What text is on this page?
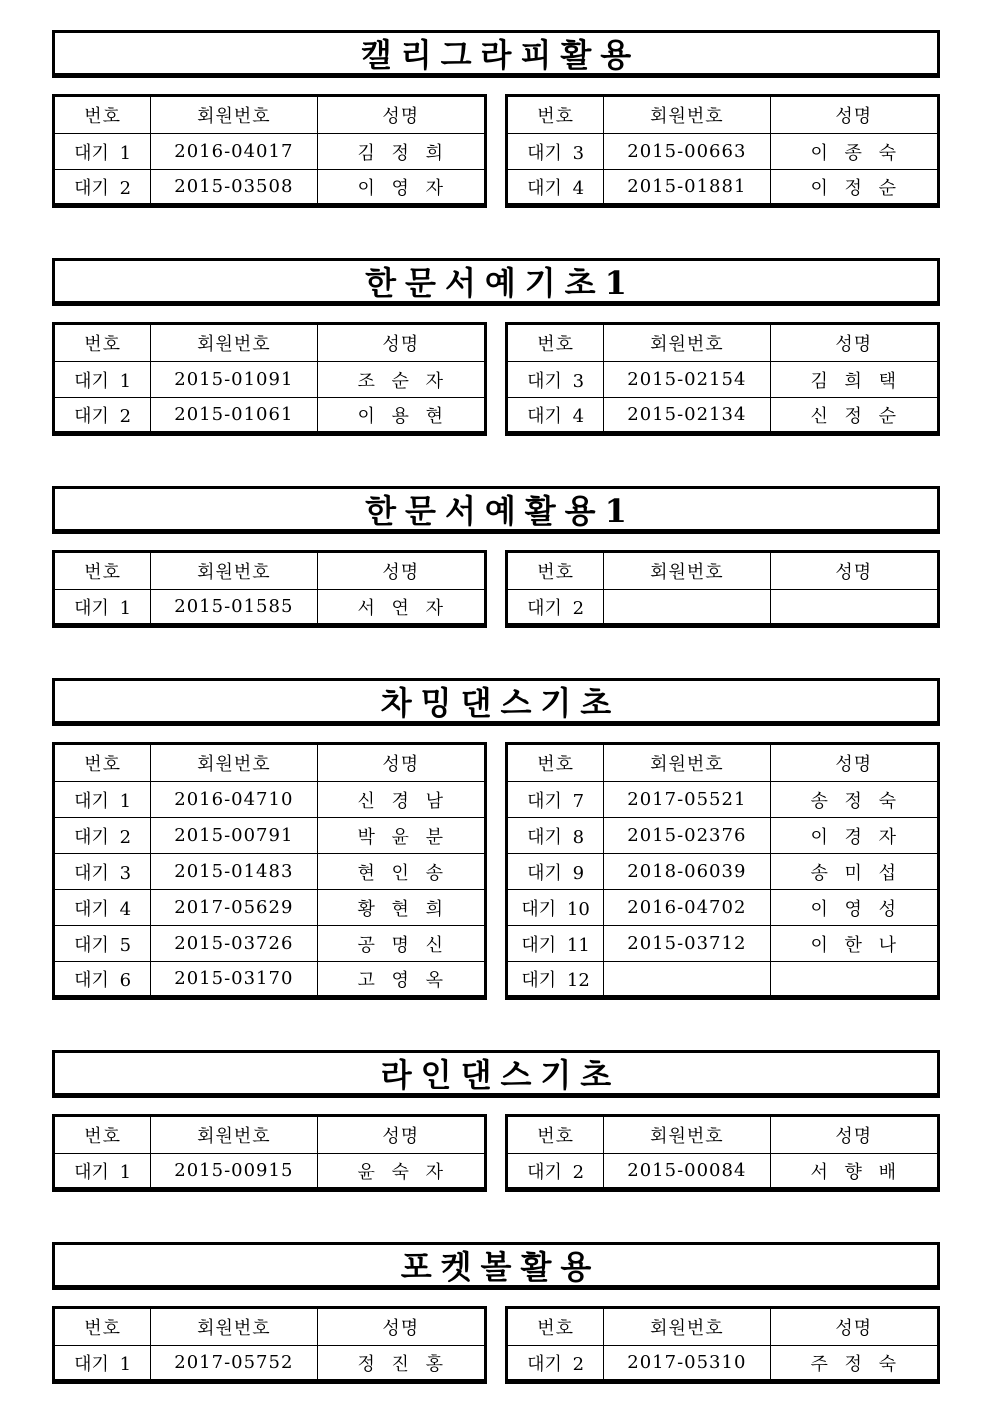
캘리그라피활용
번호	회원번호	성명
대기 1	2016-04017	김 정 희
대기 2	2015-03508	이 영 자
번호	회원번호	성명
대기 3	2015-00663	이 종 숙
대기 4	2015-01881	이 정 순
한문서예기초1
번호	회원번호	성명
대기 1	2015-01091	조 순 자
대기 2	2015-01061	이 용 현
번호	회원번호	성명
대기 3	2015-02154	김 희 택
대기 4	2015-02134	신 정 순
한문서예활용1
번호	회원번호	성명
대기 1	2015-01585	서 연 자
번호	회원번호	성명
대기 2		
차밍댄스기초
번호	회원번호	성명
대기 1	2016-04710	신 경 남
대기 2	2015-00791	박 윤 분
대기 3	2015-01483	현 인 송
대기 4	2017-05629	황 현 희
대기 5	2015-03726	공 명 신
대기 6	2015-03170	고 영 옥
번호	회원번호	성명
대기 7	2017-05521	송 정 숙
대기 8	2015-02376	이 경 자
대기 9	2018-06039	송 미 섭
대기 10	2016-04702	이 영 성
대기 11	2015-03712	이 한 나
대기 12		
라인댄스기초
번호	회원번호	성명
대기 1	2015-00915	윤 숙 자
번호	회원번호	성명
대기 2	2015-00084	서 향 배
포켓볼활용
번호	회원번호	성명
대기 1	2017-05752	정 진 홍
번호	회원번호	성명
대기 2	2017-05310	주 정 숙
